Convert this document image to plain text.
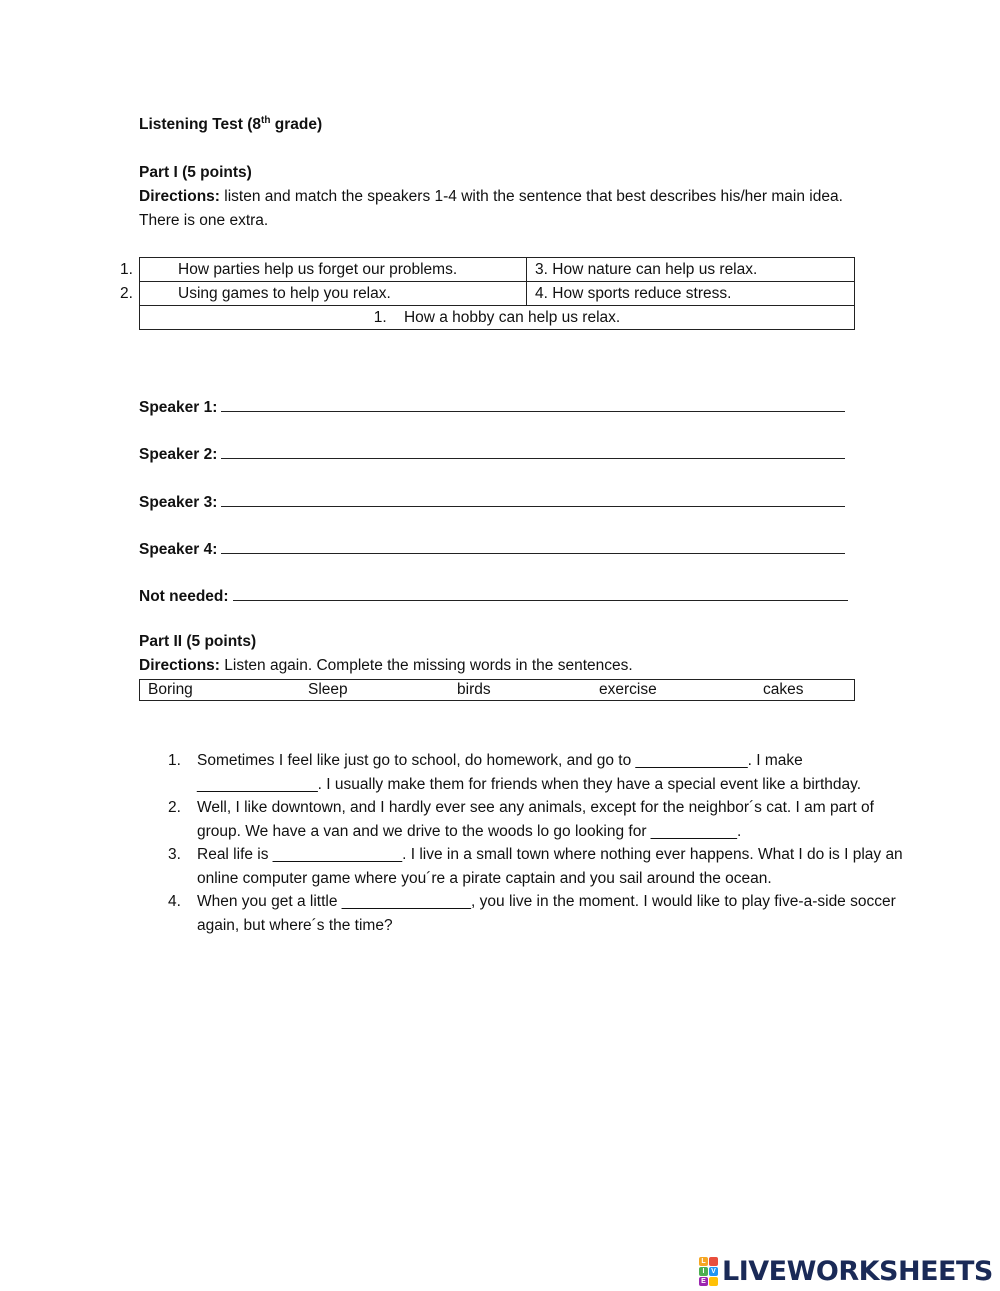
Listening Test (8th grade)
Part I (5 points)
Directions: listen and match the speakers 1-4 with the sentence that best describes his/her main idea. There is one extra.
1. How parties help us forget our problems.	3. How nature can help us relax.
2. Using games to help you relax.	4. How sports reduce stress.
1. How a hobby can help us relax.	
Speaker 1:
Speaker 2:
Speaker 3:
Speaker 4:
Not needed:
Part II (5 points)
Directions: Listen again. Complete the missing words in the sentences.
Boring	Sleep	birds	exercise	cakes
1. Sometimes I feel like just go to school, do homework, and go to _____________. I make ______________. I usually make them for friends when they have a special event like a birthday.
2. Well, I like downtown, and I hardly ever see any animals, except for the neighbor´s cat. I am part of group. We have a van and we drive to the woods lo go looking for __________.
3. Real life is _______________. I live in a small town where nothing ever happens. What I do is I play an online computer game where you´re a pirate captain and you sail around the ocean.
4. When you get a little _______________, you live in the moment. I would like to play five-a-side soccer again, but where´s the time?
L
I V
E LIVEWORKSHEETS
